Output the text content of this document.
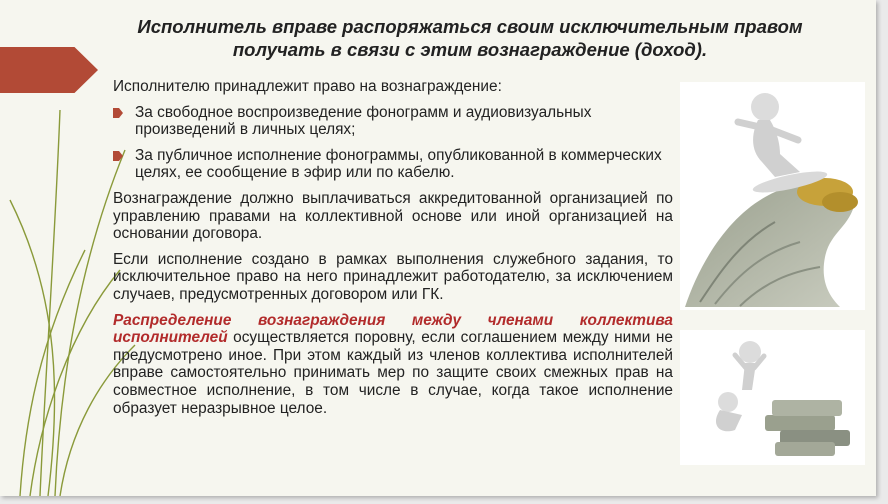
Исполнитель вправе распоряжаться своим исключительным правом получать в связи с этим вознаграждение (доход).

Исполнителю принадлежит право на вознаграждение:

За свободное воспроизведение фонограмм и аудиовизуальных произведений в личных целях;

За публичное исполнение фонограммы, опубликованной в коммерческих целях, ее сообщение в эфир или по кабелю.

Вознаграждение должно выплачиваться аккредитованной организацией по управлению правами на коллективной основе или иной организацией на основании договора.

Если исполнение создано в рамках выполнения служебного задания, то исключительное право на него принадлежит работодателю, за исключением случаев, предусмотренных договором или ГК.

Распределение вознаграждения между членами коллектива исполнителей осуществляется поровну, если соглашением между ними не предусмотрено иное. При этом каждый из членов коллектива исполнителей вправе самостоятельно принимать мер по защите своих смежных прав на совместное исполнение, в том числе в случае, когда такое исполнение образует неразрывное целое.
